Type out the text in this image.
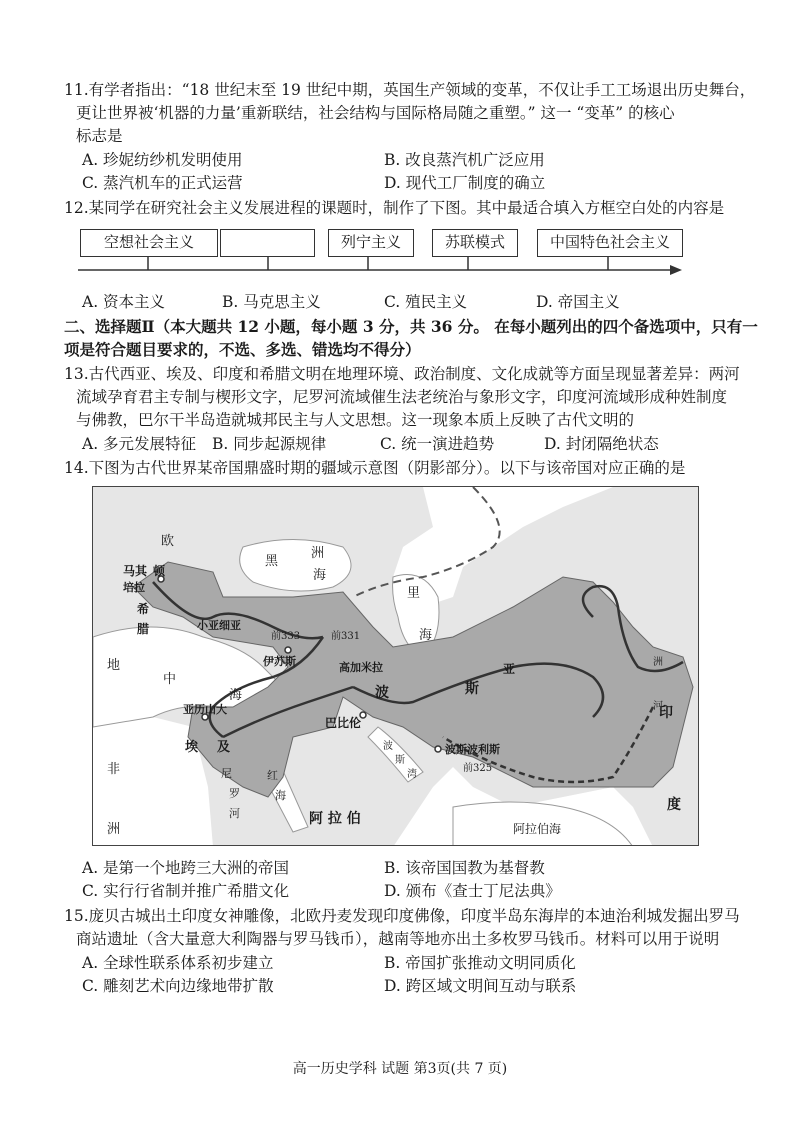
11.有学者指出：“18 世纪末至 19 世纪中期，英国生产领域的变革，不仅让手工工场退出历史舞台，
更让世界被‘机器的力量’重新联结，社会结构与国际格局随之重塑。” 这一 “变革” 的核心
标志是
A. 珍妮纺纱机发明使用	B. 改良蒸汽机广泛应用
C. 蒸汽机车的正式运营	D. 现代工厂制度的确立
12.某同学在研究社会主义发展进程的课题时，制作了下图。其中最适合填入方框空白处的内容是
空想社会主义	列宁主义	苏联模式	中国特色社会主义
A. 资本主义	B. 马克思主义	C. 殖民主义	D. 帝国主义
二、选择题Ⅱ（本大题共 12 小题，每小题 3 分，共 36 分。 在每小题列出的四个备选项中，只有一
项是符合题目要求的，不选、多选、错选均不得分）
13.古代西亚、埃及、印度和希腊文明在地理环境、政治制度、文化成就等方面呈现显著差异：两河
流域孕育君主专制与楔形文字，尼罗河流域催生法老统治与象形文字，印度河流域形成种姓制度
与佛教，巴尔干半岛造就城邦民主与人文思想。这一现象本质上反映了古代文明的
A. 多元发展特征 B. 同步起源规律	C. 统一演进趋势	D. 封闭隔绝状态
14.下图为古代世界某帝国鼎盛时期的疆域示意图（阴影部分）。以下与该帝国对应正确的是
欧
洲
马其 顿
培拉
希
腊
黑
海
里
海
小亚细亚
前333
伊苏斯
前331
高加米拉
地
中
海
亚历山大
埃 及
巴比伦
波	斯
亚
波斯波利斯
前325
阿 拉 伯
非
洲
尼
罗
河
红
海
波
斯
湾
阿拉伯海
印
度
洲
河
A. 是第一个地跨三大洲的帝国	B. 该帝国国教为基督教
C. 实行行省制并推广希腊文化	D. 颁布《查士丁尼法典》
15.庞贝古城出土印度女神雕像，北欧丹麦发现印度佛像，印度半岛东海岸的本迪治利城发掘出罗马
商站遗址（含大量意大利陶器与罗马钱币），越南等地亦出土多枚罗马钱币。材料可以用于说明
A. 全球性联系体系初步建立	B. 帝国扩张推动文明同质化
C. 雕刻艺术向边缘地带扩散	D. 跨区域文明间互动与联系
高一历史学科 试题 第3页(共 7 页)
